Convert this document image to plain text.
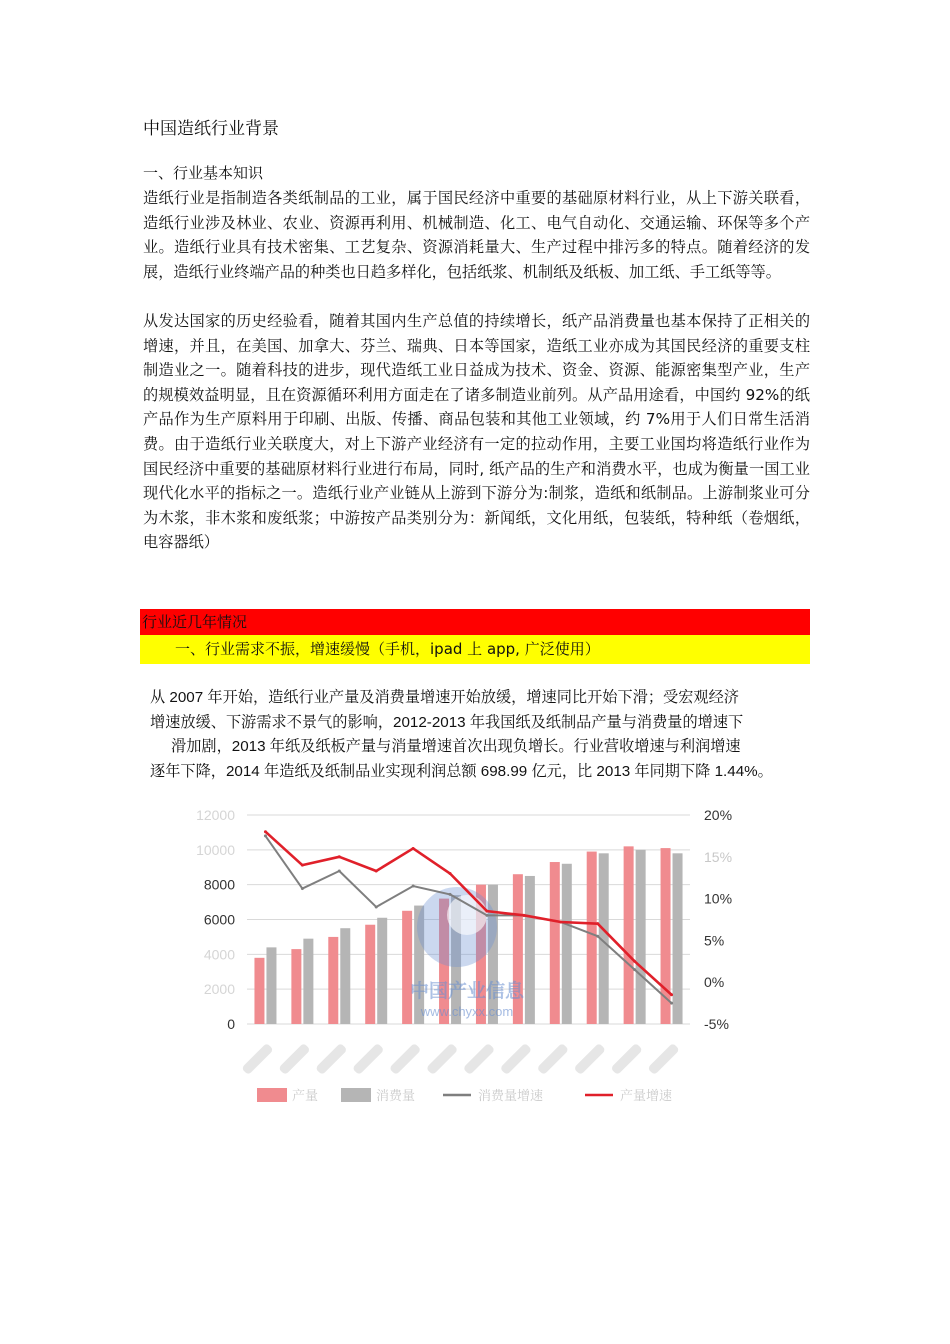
中国造纸行业背景
一、行业基本知识

造纸行业是指制造各类纸制品的工业，属于国民经济中重要的基础原材料行业，从上下游关联看，造纸行业涉及林业、农业、资源再利用、机械制造、化工、电气自动化、交通运输、环保等多个产业。造纸行业具有技术密集、工艺复杂、资源消耗量大、生产过程中排污多的特点。随着经济的发展，造纸行业终端产品的种类也日趋多样化，包括纸浆、机制纸及纸板、加工纸、手工纸等等。

从发达国家的历史经验看，随着其国内生产总值的持续增长，纸产品消费量也基本保持了正相关的增速，并且，在美国、加拿大、芬兰、瑞典、日本等国家，造纸工业亦成为其国民经济的重要支柱制造业之一。随着科技的进步，现代造纸工业日益成为技术、资金、资源、能源密集型产业，生产的规模效益明显，且在资源循环利用方面走在了诸多制造业前列。从产品用途看，中国约 92%的纸产品作为生产原料用于印刷、出版、传播、商品包装和其他工业领域，约 7%用于人们日常生活消费。由于造纸行业关联度大，对上下游产业经济有一定的拉动作用，主要工业国均将造纸行业作为国民经济中重要的基础原材料行业进行布局，同时, 纸产品的生产和消费水平，也成为衡量一国工业现代化水平的指标之一。造纸行业产业链从上游到下游分为:制浆，造纸和纸制品。上游制浆业可分为木浆，非木浆和废纸浆；中游按产品类别分为：新闻纸，文化用纸，包装纸，特种纸（卷烟纸，电容器纸）

行业近几年情况
一、行业需求不振，增速缓慢（手机，ipad 上 app, 广泛使用）
从 2007 年开始，造纸行业产量及消费量增速开始放缓，增速同比开始下滑；受宏观经济
增速放缓、下游需求不景气的影响，2012-2013 年我国纸及纸制品产量与消费量的增速下
滑加剧，2013 年纸及纸板产量与消量增速首次出现负增长。行业营收增速与利润增速
逐年下降，2014 年造纸及纸制品业实现利润总额 698.99 亿元，比 2013 年同期下降 1.44%。
0
2000
4000
6000
8000
10000
12000
-5%
0%
5%
10%
15%
20%
中国产业信息
www.chyxx.com
产量	消费量	消费量增速	产量增速
